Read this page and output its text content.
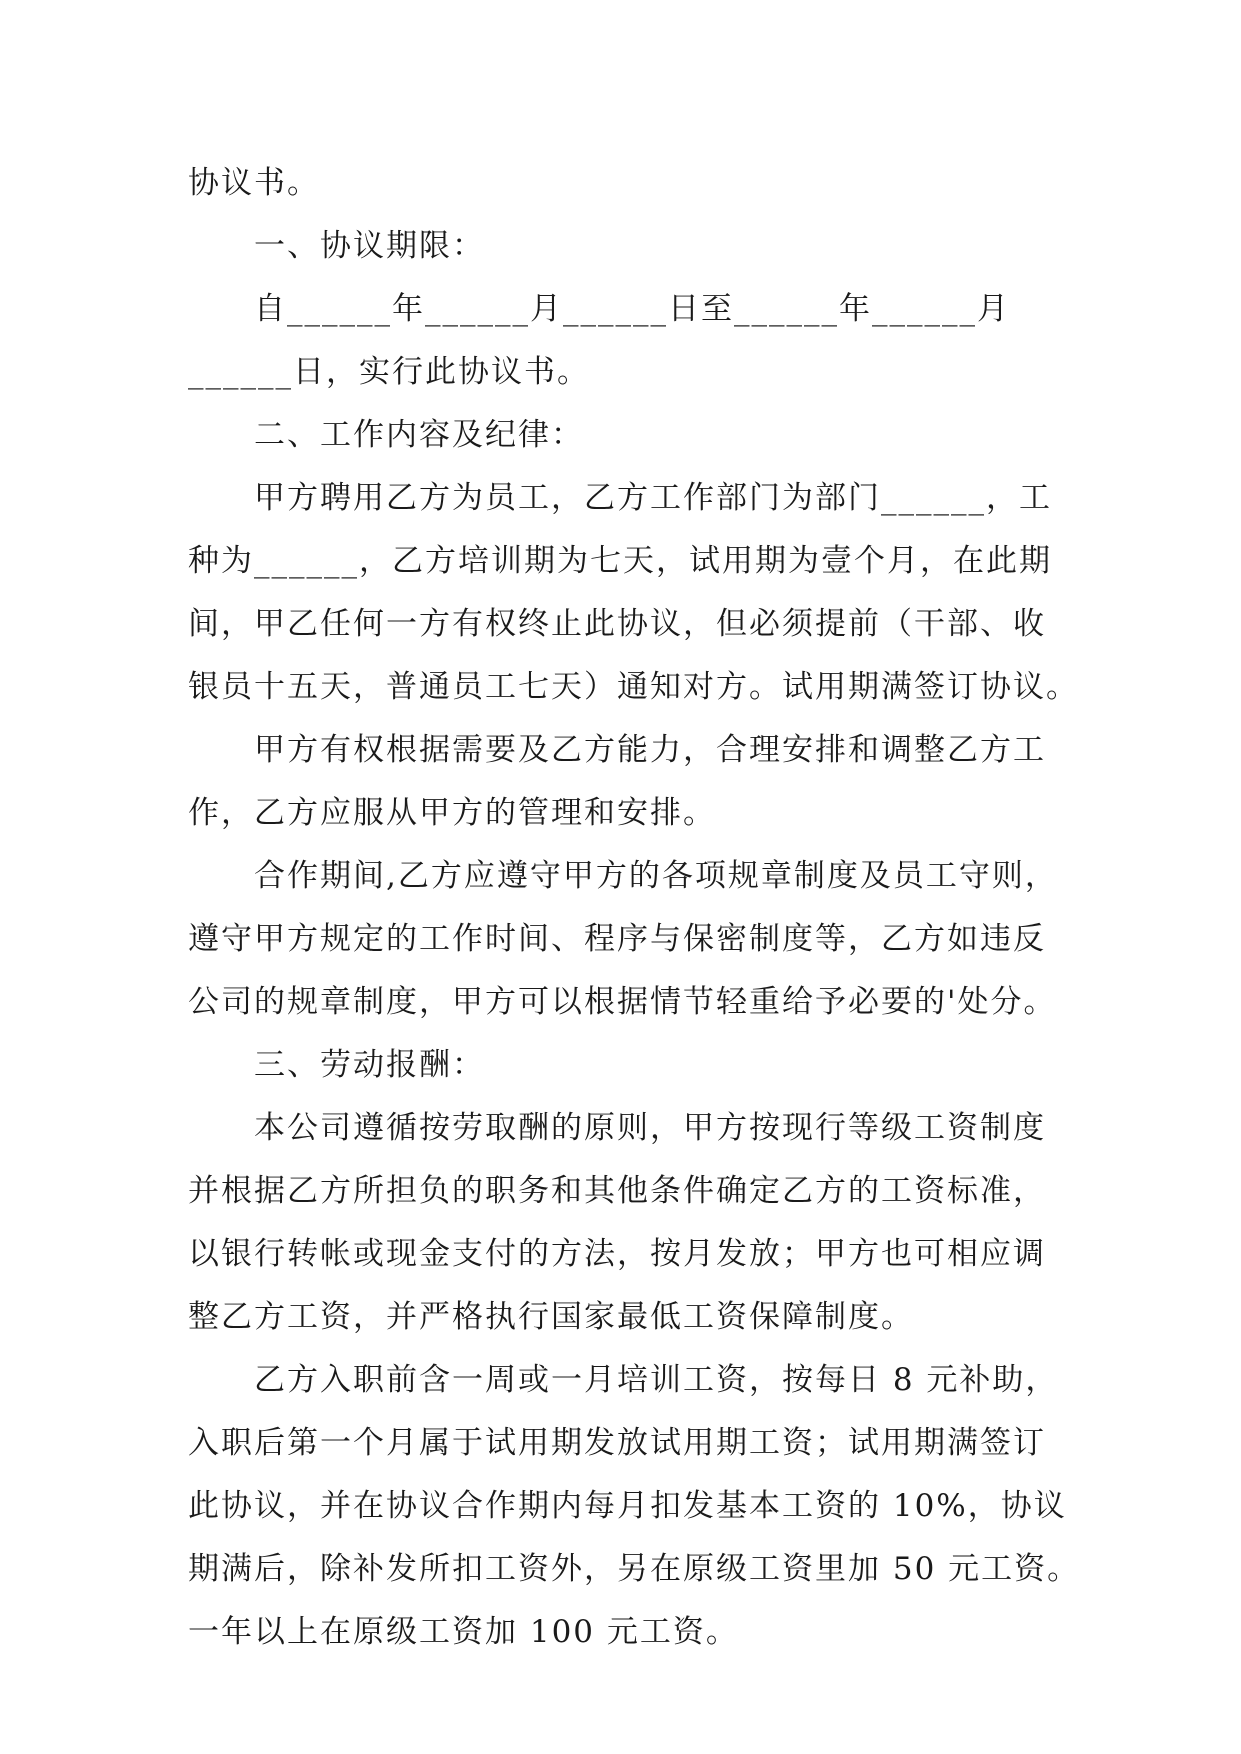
协议书。
一、协议期限：
自______年______月______日至______年______月
______日，实行此协议书。
二、工作内容及纪律：
甲方聘用乙方为员工，乙方工作部门为部门______，工
种为______，乙方培训期为七天，试用期为壹个月，在此期
间，甲乙任何一方有权终止此协议，但必须提前（干部、收
银员十五天，普通员工七天）通知对方。试用期满签订协议。
甲方有权根据需要及乙方能力，合理安排和调整乙方工
作，乙方应服从甲方的管理和安排。
合作期间,乙方应遵守甲方的各项规章制度及员工守则，
遵守甲方规定的工作时间、程序与保密制度等，乙方如违反
公司的规章制度，甲方可以根据情节轻重给予必要的'处分。
三、劳动报酬：
本公司遵循按劳取酬的原则，甲方按现行等级工资制度
并根据乙方所担负的职务和其他条件确定乙方的工资标准，
以银行转帐或现金支付的方法，按月发放；甲方也可相应调
整乙方工资，并严格执行国家最低工资保障制度。
乙方入职前含一周或一月培训工资，按每日 8 元补助，
入职后第一个月属于试用期发放试用期工资；试用期满签订
此协议，并在协议合作期内每月扣发基本工资的 10%，协议
期满后，除补发所扣工资外，另在原级工资里加 50 元工资。
一年以上在原级工资加 100 元工资。
